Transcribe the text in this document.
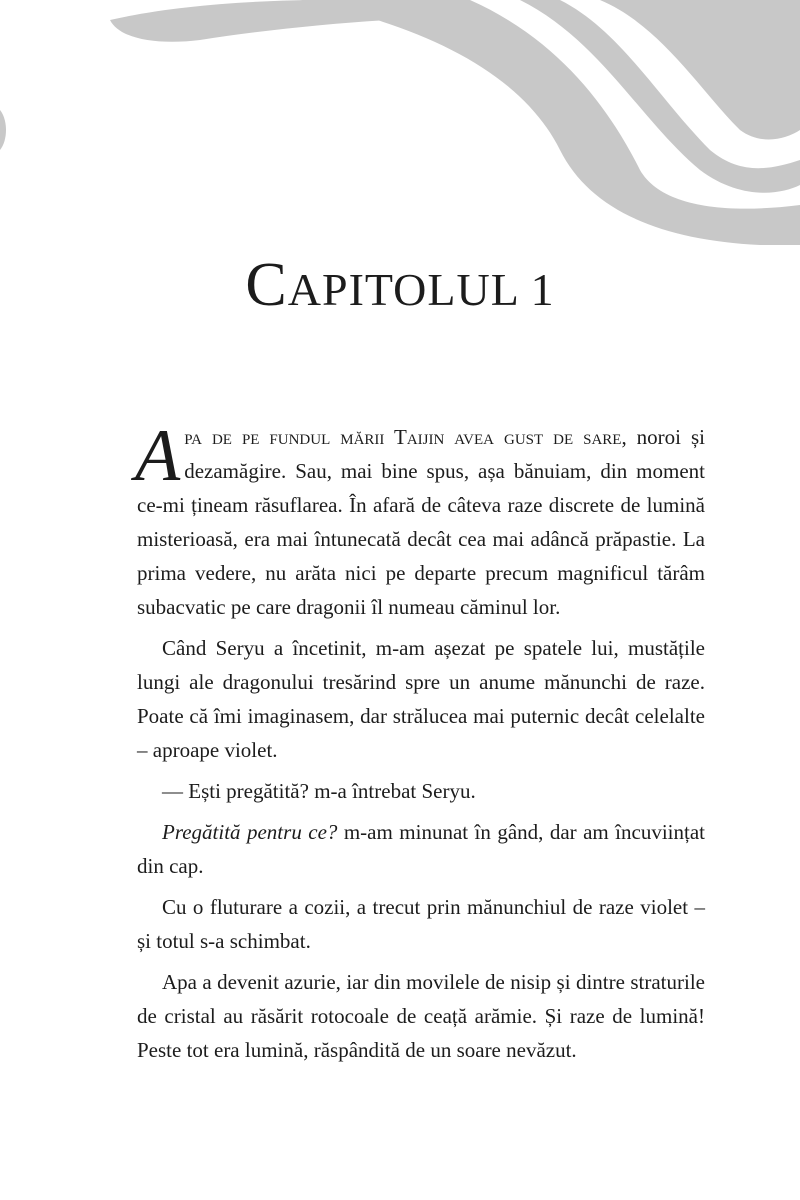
CAPITOLUL 1

Apa de pe fundul mării Taijin avea gust de sare, noroi și dezamăgire. Sau, mai bine spus, așa bănuiam, din moment ce-mi țineam răsuflarea. În afară de câteva raze discrete de lumină misterioasă, era mai întunecată decât cea mai adâncă prăpastie. La prima vedere, nu arăta nici pe departe precum magnificul tărâm subacvatic pe care dragonii îl numeau căminul lor.

Când Seryu a încetinit, m-am așezat pe spatele lui, mustățile lungi ale dragonului tresărind spre un anume mănunchi de raze. Poate că îmi imaginasem, dar strălucea mai puternic decât celelalte – aproape violet.

— Ești pregătită? m-a întrebat Seryu.

Pregătită pentru ce? m-am minunat în gând, dar am încuviințat din cap.

Cu o fluturare a cozii, a trecut prin mănunchiul de raze violet – și totul s-a schimbat.

Apa a devenit azurie, iar din movilele de nisip și dintre straturile de cristal au răsărit rotocoale de ceață arămie. Și raze de lumină! Peste tot era lumină, răspândită de un soare nevăzut.
